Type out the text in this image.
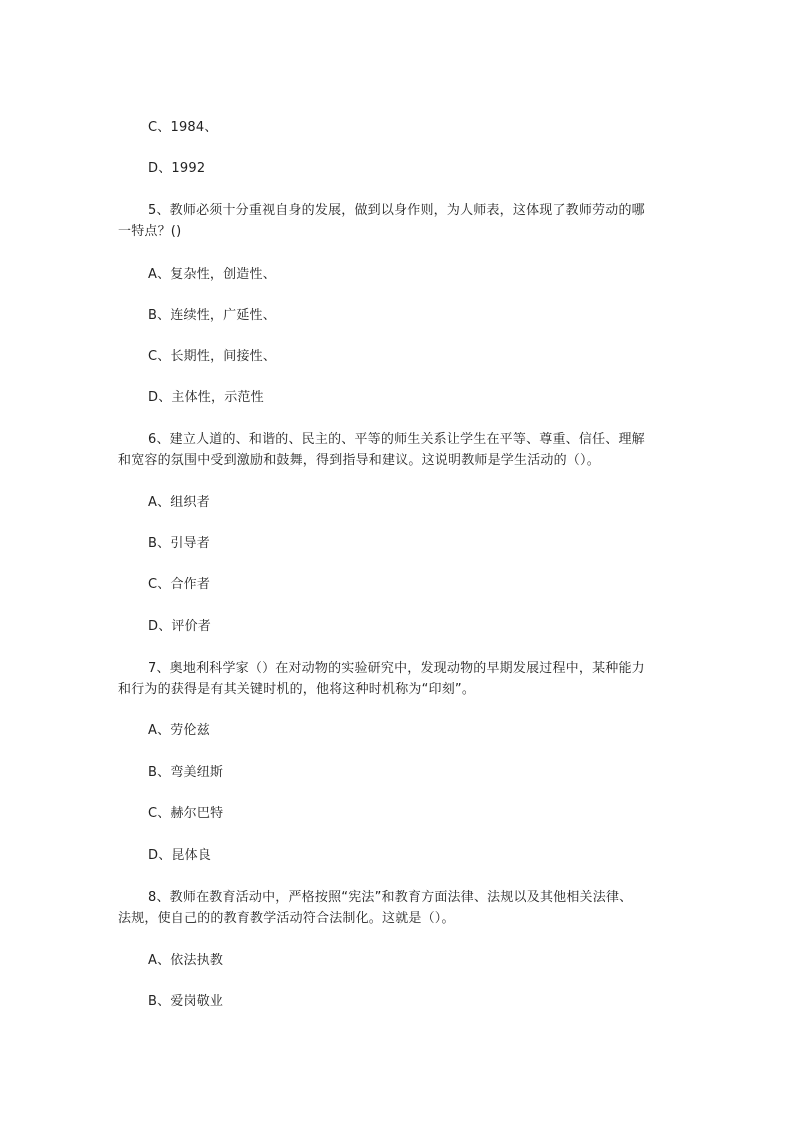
C、1984、
D、1992
5、教师必须十分重视自身的发展，做到以身作则，为人师表，这体现了教师劳动的哪
一特点？()
A、复杂性，创造性、
B、连续性，广延性、
C、长期性，间接性、
D、主体性，示范性
6、建立人道的、和谐的、民主的、平等的师生关系让学生在平等、尊重、信任、理解
和宽容的氛围中受到激励和鼓舞，得到指导和建议。这说明教师是学生活动的（）。
A、组织者
B、引导者
C、合作者
D、评价者
7、奥地利科学家（）在对动物的实验研究中，发现动物的早期发展过程中，某种能力
和行为的获得是有其关键时机的，他将这种时机称为“印刻”。
A、劳伦兹
B、弯美纽斯
C、赫尔巴特
D、昆体良
8、教师在教育活动中，严格按照“宪法”和教育方面法律、法规以及其他相关法律、
法规，使自己的的教育教学活动符合法制化。这就是（）。
A、依法执教
B、爱岗敬业
